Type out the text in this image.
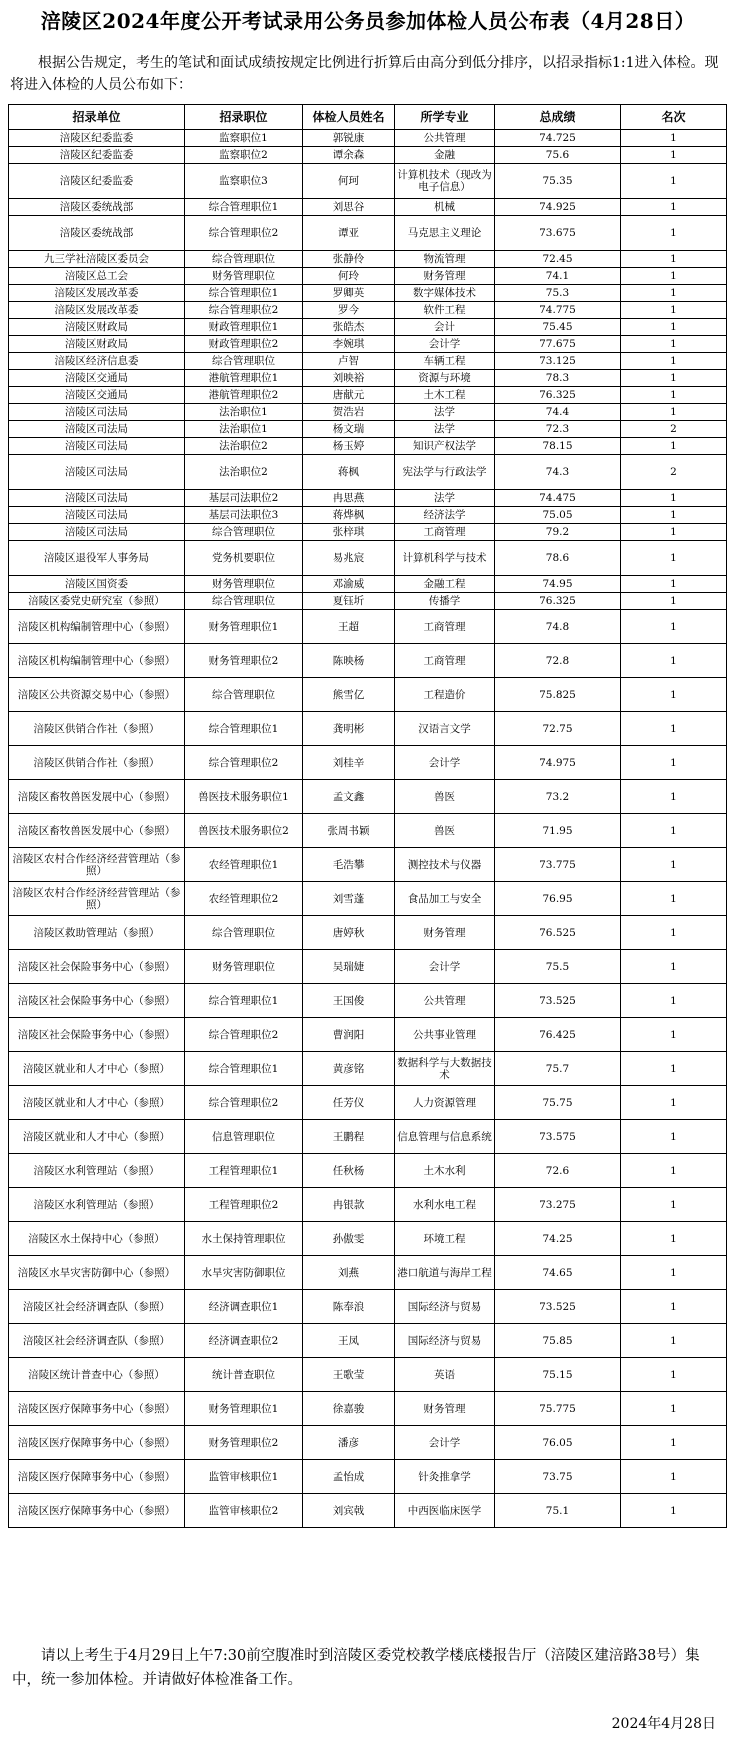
涪陵区2024年度公开考试录用公务员参加体检人员公布表（4月28日）
根据公告规定，考生的笔试和面试成绩按规定比例进行折算后由高分到低分排序，以招录指标1:1进入体检。现将进入体检的人员公布如下：
招录单位	招录职位	体检人员姓名	所学专业	总成绩	名次
涪陵区纪委监委	监察职位1	郭锐康	公共管理	74.725	1
涪陵区纪委监委	监察职位2	谭余森	金融	75.6	1
涪陵区纪委监委	监察职位3	何珂	计算机技术（现改为电子信息）	75.35	1
涪陵区委统战部	综合管理职位1	刘思谷	机械	74.925	1
涪陵区委统战部	综合管理职位2	谭亚	马克思主义理论	73.675	1
九三学社涪陵区委员会	综合管理职位	张静伶	物流管理	72.45	1
涪陵区总工会	财务管理职位	何玲	财务管理	74.1	1
涪陵区发展改革委	综合管理职位1	罗卿英	数字媒体技术	75.3	1
涪陵区发展改革委	综合管理职位2	罗今	软件工程	74.775	1
涪陵区财政局	财政管理职位1	张皓杰	会计	75.45	1
涪陵区财政局	财政管理职位2	李婉琪	会计学	77.675	1
涪陵区经济信息委	综合管理职位	卢智	车辆工程	73.125	1
涪陵区交通局	港航管理职位1	刘映裕	资源与环境	78.3	1
涪陵区交通局	港航管理职位2	唐献元	土木工程	76.325	1
涪陵区司法局	法治职位1	贺浩岩	法学	74.4	1
涪陵区司法局	法治职位1	杨文瑞	法学	72.3	2
涪陵区司法局	法治职位2	杨玉婷	知识产权法学	78.15	1
涪陵区司法局	法治职位2	蒋枫	宪法学与行政法学	74.3	2
涪陵区司法局	基层司法职位2	冉思燕	法学	74.475	1
涪陵区司法局	基层司法职位3	蒋烨枫	经济法学	75.05	1
涪陵区司法局	综合管理职位	张梓琪	工商管理	79.2	1
涪陵区退役军人事务局	党务机要职位	易兆宸	计算机科学与技术	78.6	1
涪陵区国资委	财务管理职位	邓渝威	金融工程	74.95	1
涪陵区委党史研究室（参照）	综合管理职位	夏钰圻	传播学	76.325	1
涪陵区机构编制管理中心（参照）	财务管理职位1	王超	工商管理	74.8	1
涪陵区机构编制管理中心（参照）	财务管理职位2	陈映杨	工商管理	72.8	1
涪陵区公共资源交易中心（参照）	综合管理职位	熊雪亿	工程造价	75.825	1
涪陵区供销合作社（参照）	综合管理职位1	龚明彬	汉语言文学	72.75	1
涪陵区供销合作社（参照）	综合管理职位2	刘桂辛	会计学	74.975	1
涪陵区畜牧兽医发展中心（参照）	兽医技术服务职位1	孟文鑫	兽医	73.2	1
涪陵区畜牧兽医发展中心（参照）	兽医技术服务职位2	张周书颖	兽医	71.95	1
涪陵区农村合作经济经营管理站（参照）	农经管理职位1	毛浩攀	测控技术与仪器	73.775	1
涪陵区农村合作经济经营管理站（参照）	农经管理职位2	刘雪蓬	食品加工与安全	76.95	1
涪陵区救助管理站（参照）	综合管理职位	唐婷秋	财务管理	76.525	1
涪陵区社会保险事务中心（参照）	财务管理职位	吴瑞婕	会计学	75.5	1
涪陵区社会保险事务中心（参照）	综合管理职位1	王国俊	公共管理	73.525	1
涪陵区社会保险事务中心（参照）	综合管理职位2	曹润阳	公共事业管理	76.425	1
涪陵区就业和人才中心（参照）	综合管理职位1	黄彦铭	数据科学与大数据技术	75.7	1
涪陵区就业和人才中心（参照）	综合管理职位2	任芳仪	人力资源管理	75.75	1
涪陵区就业和人才中心（参照）	信息管理职位	王鹏程	信息管理与信息系统	73.575	1
涪陵区水利管理站（参照）	工程管理职位1	任秋杨	土木水利	72.6	1
涪陵区水利管理站（参照）	工程管理职位2	冉银款	水利水电工程	73.275	1
涪陵区水土保持中心（参照）	水土保持管理职位	孙傲雯	环境工程	74.25	1
涪陵区水旱灾害防御中心（参照）	水旱灾害防御职位	刘燕	港口航道与海岸工程	74.65	1
涪陵区社会经济调查队（参照）	经济调查职位1	陈奉浪	国际经济与贸易	73.525	1
涪陵区社会经济调查队（参照）	经济调查职位2	王凤	国际经济与贸易	75.85	1
涪陵区统计普查中心（参照）	统计普查职位	王歌莹	英语	75.15	1
涪陵区医疗保障事务中心（参照）	财务管理职位1	徐嘉骏	财务管理	75.775	1
涪陵区医疗保障事务中心（参照）	财务管理职位2	潘彦	会计学	76.05	1
涪陵区医疗保障事务中心（参照）	监管审核职位1	孟怡成	针灸推拿学	73.75	1
涪陵区医疗保障事务中心（参照）	监管审核职位2	刘宾戟	中西医临床医学	75.1	1
请以上考生于4月29日上午7:30前空腹准时到涪陵区委党校教学楼底楼报告厅（涪陵区建涪路38号）集中，统一参加体检。并请做好体检准备工作。
2024年4月28日
